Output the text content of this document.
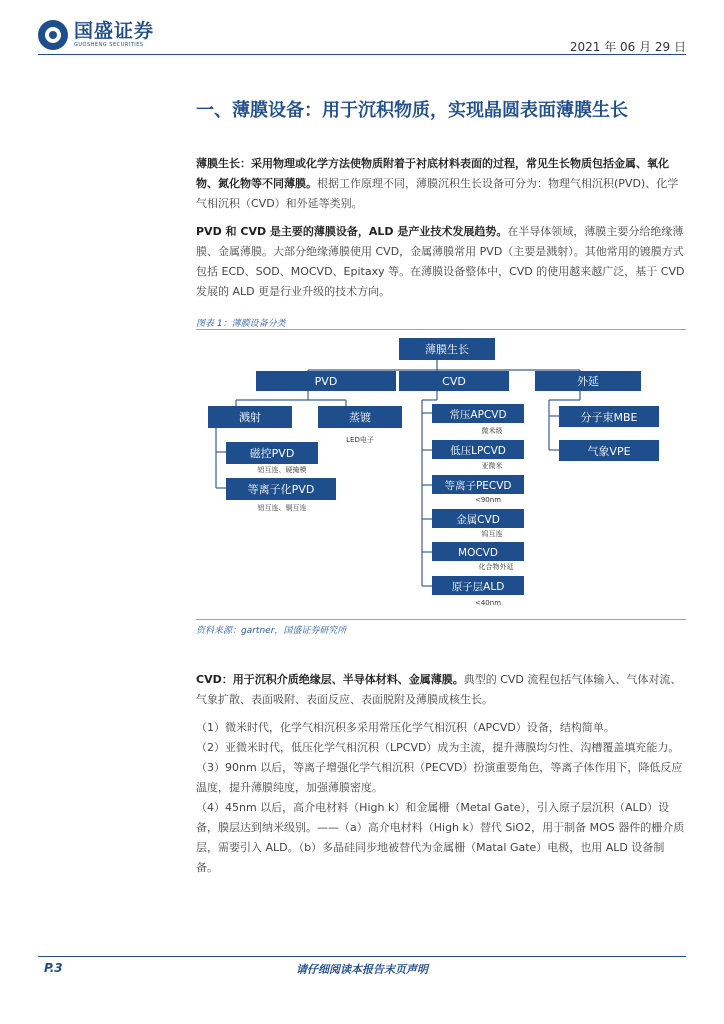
国盛证券
GUOSHENG SECURITIES	2021 年 06 月 29 日
一、薄膜设备：用于沉积物质，实现晶圆表面薄膜生长
薄膜生长：采用物理或化学方法使物质附着于衬底材料表面的过程，常见生长物质包括金属、氧化物、氮化物等不同薄膜。根据工作原理不同，薄膜沉积生长设备可分为：物理气相沉积(PVD)、化学气相沉积（CVD）和外延等类别。
PVD 和 CVD 是主要的薄膜设备，ALD 是产业技术发展趋势。在半导体领域，薄膜主要分给绝缘薄膜、金属薄膜。大部分绝缘薄膜使用 CVD，金属薄膜常用 PVD（主要是溅射）。其他常用的镀膜方式包括 ECD、SOD、MOCVD、Epitaxy 等。在薄膜设备整体中，CVD 的使用越来越广泛，基于 CVD 发展的 ALD 更是行业升级的技术方向。
图表 1：薄膜设备分类
薄膜生长
PVD	CVD	外延
溅射	蒸镀
LED电子
磁控PVD
铝互连、硬掩模
等离子化PVD
铝互连、铜互连
常压APCVD
微米级
低压LPCVD
亚微米
等离子PECVD
<90nm
金属CVD
钨互连
MOCVD
化合物外延
原子层ALD
<40nm
分子束MBE
气象VPE
资料来源：gartner，国盛证券研究所
CVD：用于沉积介质绝缘层、半导体材料、金属薄膜。典型的 CVD 流程包括气体输入、气体对流、气象扩散、表面吸附、表面反应、表面脱附及薄膜成核生长。
（1）微米时代，化学气相沉积多采用常压化学气相沉积（APCVD）设备，结构简单。
（2）亚微米时代，低压化学气相沉积（LPCVD）成为主流，提升薄膜均匀性、沟槽覆盖填充能力。
（3）90nm 以后，等离子增强化学气相沉积（PECVD）扮演重要角色，等离子体作用下，降低反应温度，提升薄膜纯度，加强薄膜密度。
（4）45nm 以后，高介电材料（High k）和金属栅（Metal Gate），引入原子层沉积（ALD）设备，膜层达到纳米级别。——（a）高介电材料（High k）替代 SiO2，用于制备 MOS 器件的栅介质层，需要引入 ALD。（b）多晶硅同步地被替代为金属栅（Matal Gate）电极，也用 ALD 设备制备。
P.3	请仔细阅读本报告末页声明
